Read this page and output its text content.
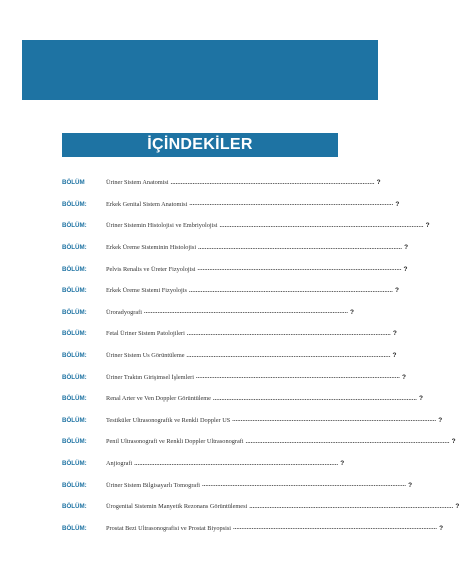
İÇİNDEKİLER
BÖLÜM	Üriner Sistem Anatomisi ........................................................................................................................ ?
BÖLÜM:	Erkek Genital Sistem Anatomisi ........................................................................................................................ ?
BÖLÜM:	Üriner Sistemin Histolojisi ve Embriyolojisi ........................................................................................................................ ?
BÖLÜM:	Erkek Üreme Sisteminin Histolojisi ........................................................................................................................ ?
BÖLÜM:	Pelvis Renalis ve Üreter Fizyolojisi ........................................................................................................................ ?
BÖLÜM:	Erkek Üreme Sistemi Fizyolojis ........................................................................................................................ ?
BÖLÜM:	Üroradyografi ........................................................................................................................ ?
BÖLÜM:	Fetal Üriner Sistem Patolojileri ........................................................................................................................ ?
BÖLÜM:	Üriner Sistem Us Görüntüleme ........................................................................................................................ ?
BÖLÜM:	Üriner Traktın Girişimsel İşlemleri ........................................................................................................................ ?
BÖLÜM:	Renal Arter ve Ven Doppler Görüntüleme ........................................................................................................................ ?
BÖLÜM:	Testiküler Ultrasonografik ve Renkli Doppler US ........................................................................................................................ ?
BÖLÜM:	Penil Ultrasonografi ve Renkli Doppler Ultrasonografi ........................................................................................................................ ?
BÖLÜM:	Anjiografi ........................................................................................................................ ?
BÖLÜM:	Üriner Sistem Bilgisayarlı Tomografi ........................................................................................................................ ?
BÖLÜM:	Ürogenital Sistemin Manyetik Rezonans Görüntülemesi ........................................................................................................................ ?
BÖLÜM:	Prostat Bezi Ultrasonografisi ve Prostat Biyopsisi ........................................................................................................................ ?
